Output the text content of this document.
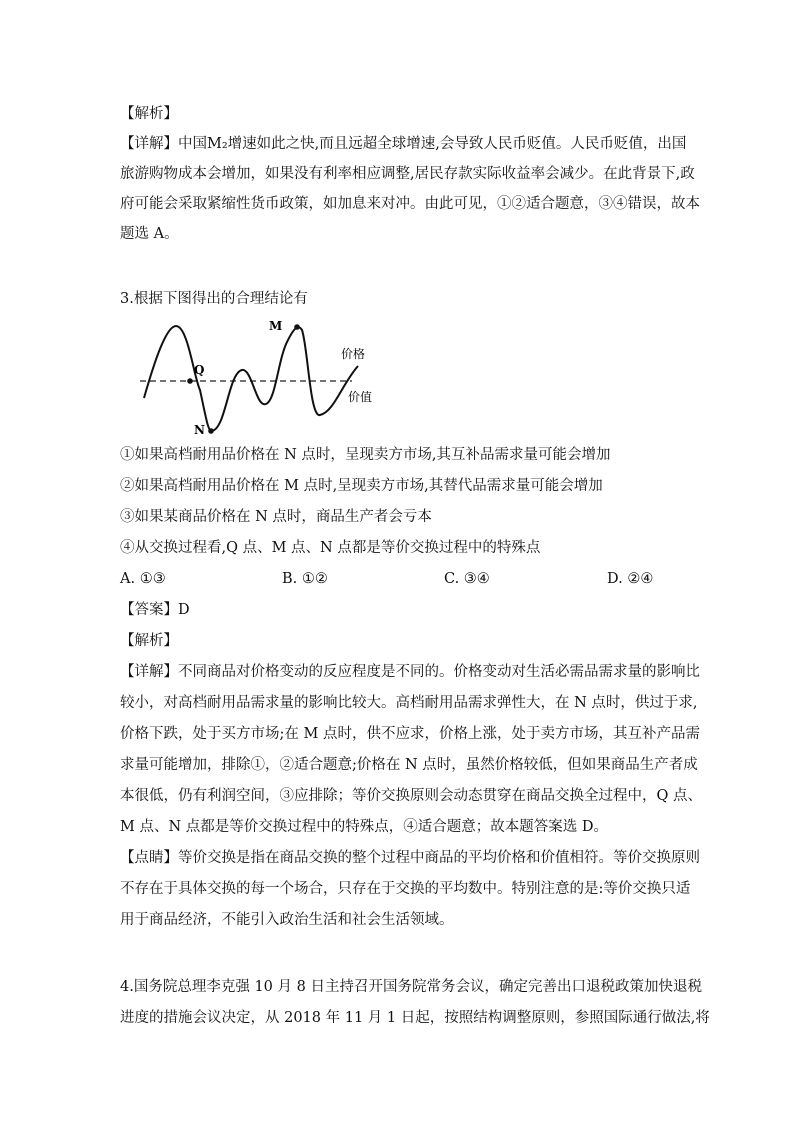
【解析】
【详解】中国M₂增速如此之快,而且远超全球增速,会导致人民币贬值。人民币贬值，出国
旅游购物成本会增加，如果没有利率相应调整,居民存款实际收益率会减少。在此背景下,政
府可能会采取紧缩性货币政策，如加息来对冲。由此可见，①②适合题意，③④错误，故本
题选 A。
3.根据下图得出的合理结论有
M
Q
N
价格
价值
①如果高档耐用品价格在 N 点时，呈现卖方市场,其互补品需求量可能会增加
②如果高档耐用品价格在 M 点时,呈现卖方市场,其替代品需求量可能会增加
③如果某商品价格在 N 点时，商品生产者会亏本
④从交换过程看,Q 点、M 点、N 点都是等价交换过程中的特殊点
A. ①③	B. ①②	C. ③④	D. ②④
【答案】D
【解析】
【详解】不同商品对价格变动的反应程度是不同的。价格变动对生活必需品需求量的影响比
较小，对高档耐用品需求量的影响比较大。高档耐用品需求弹性大，在 N 点时，供过于求,
价格下跌，处于买方市场;在 M 点时，供不应求，价格上涨，处于卖方市场，其互补产品需
求量可能增加，排除①，②适合题意;价格在 N 点时，虽然价格较低，但如果商品生产者成
本很低，仍有利润空间，③应排除；等价交换原则会动态贯穿在商品交换全过程中，Q 点、
M 点、N 点都是等价交换过程中的特殊点，④适合题意；故本题答案选 D。
【点睛】等价交换是指在商品交换的整个过程中商品的平均价格和价值相符。等价交换原则
不存在于具体交换的每一个场合，只存在于交换的平均数中。特别注意的是:等价交换只适
用于商品经济，不能引入政治生活和社会生活领域。
4.国务院总理李克强 10 月 8 日主持召开国务院常务会议，确定完善出口退税政策加快退税
进度的措施会议决定，从 2018 年 11 月 1 日起，按照结构调整原则，参照国际通行做法,将
